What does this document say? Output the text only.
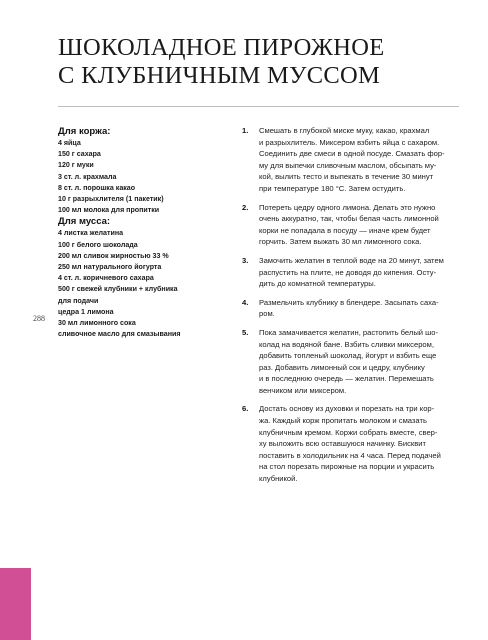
ШОКОЛАДНОЕ ПИРОЖНОЕ
С КЛУБНИЧНЫМ МУССОМ

Для коржа:

4 яйца
150 г сахара
120 г муки
3 ст. л. крахмала
8 ст. л. порошка какао
10 г разрыхлителя (1 пакетик)
100 мл молока для пропитки

Для мусса:

4 листка желатина
100 г белого шоколада
200 мл сливок жирностью 33 %
250 мл натурального йогурта
4 ст. л. коричневого сахара
500 г свежей клубники + клубника
для подачи
цедра 1 лимона
30 мл лимонного сока
сливочное масло для смазывания
288
1.	Смешать в глубокой миске муку, какао, крахмал
и разрыхлитель. Миксером взбить яйца с сахаром.
Соединить две смеси в одной посуде. Смазать фор-
му для выпечки сливочным маслом, обсыпать му-
кой, вылить тесто и выпекать в течение 30 минут
при температуре 180 °С. Затем остудить.

2.	Потереть цедру одного лимона. Делать это нужно
очень аккуратно, так, чтобы белая часть лимонной
корки не попадала в посуду — иначе крем будет
горчить. Затем выжать 30 мл лимонного сока.

3.	Замочить желатин в теплой воде на 20 минут, затем
распустить на плите, не доводя до кипения. Осту-
дить до комнатной температуры.

4.	Размельчить клубнику в блендере. Засыпать саха-
ром.

5.	Пока замачивается желатин, растопить белый шо-
колад на водяной бане. Взбить сливки миксером,
добавить топленый шоколад, йогурт и взбить еще
раз. Добавить лимонный сок и цедру, клубнику
и в последнюю очередь — желатин. Перемешать
венчиком или миксером.

6.	Достать основу из духовки и порезать на три кор-
жа. Каждый корж пропитать молоком и смазать
клубничным кремом. Коржи собрать вместе, свер-
ху выложить всю оставшуюся начинку. Бисквит
поставить в холодильник на 4 часа. Перед подачей
на стол порезать пирожные на порции и украсить
клубникой.
